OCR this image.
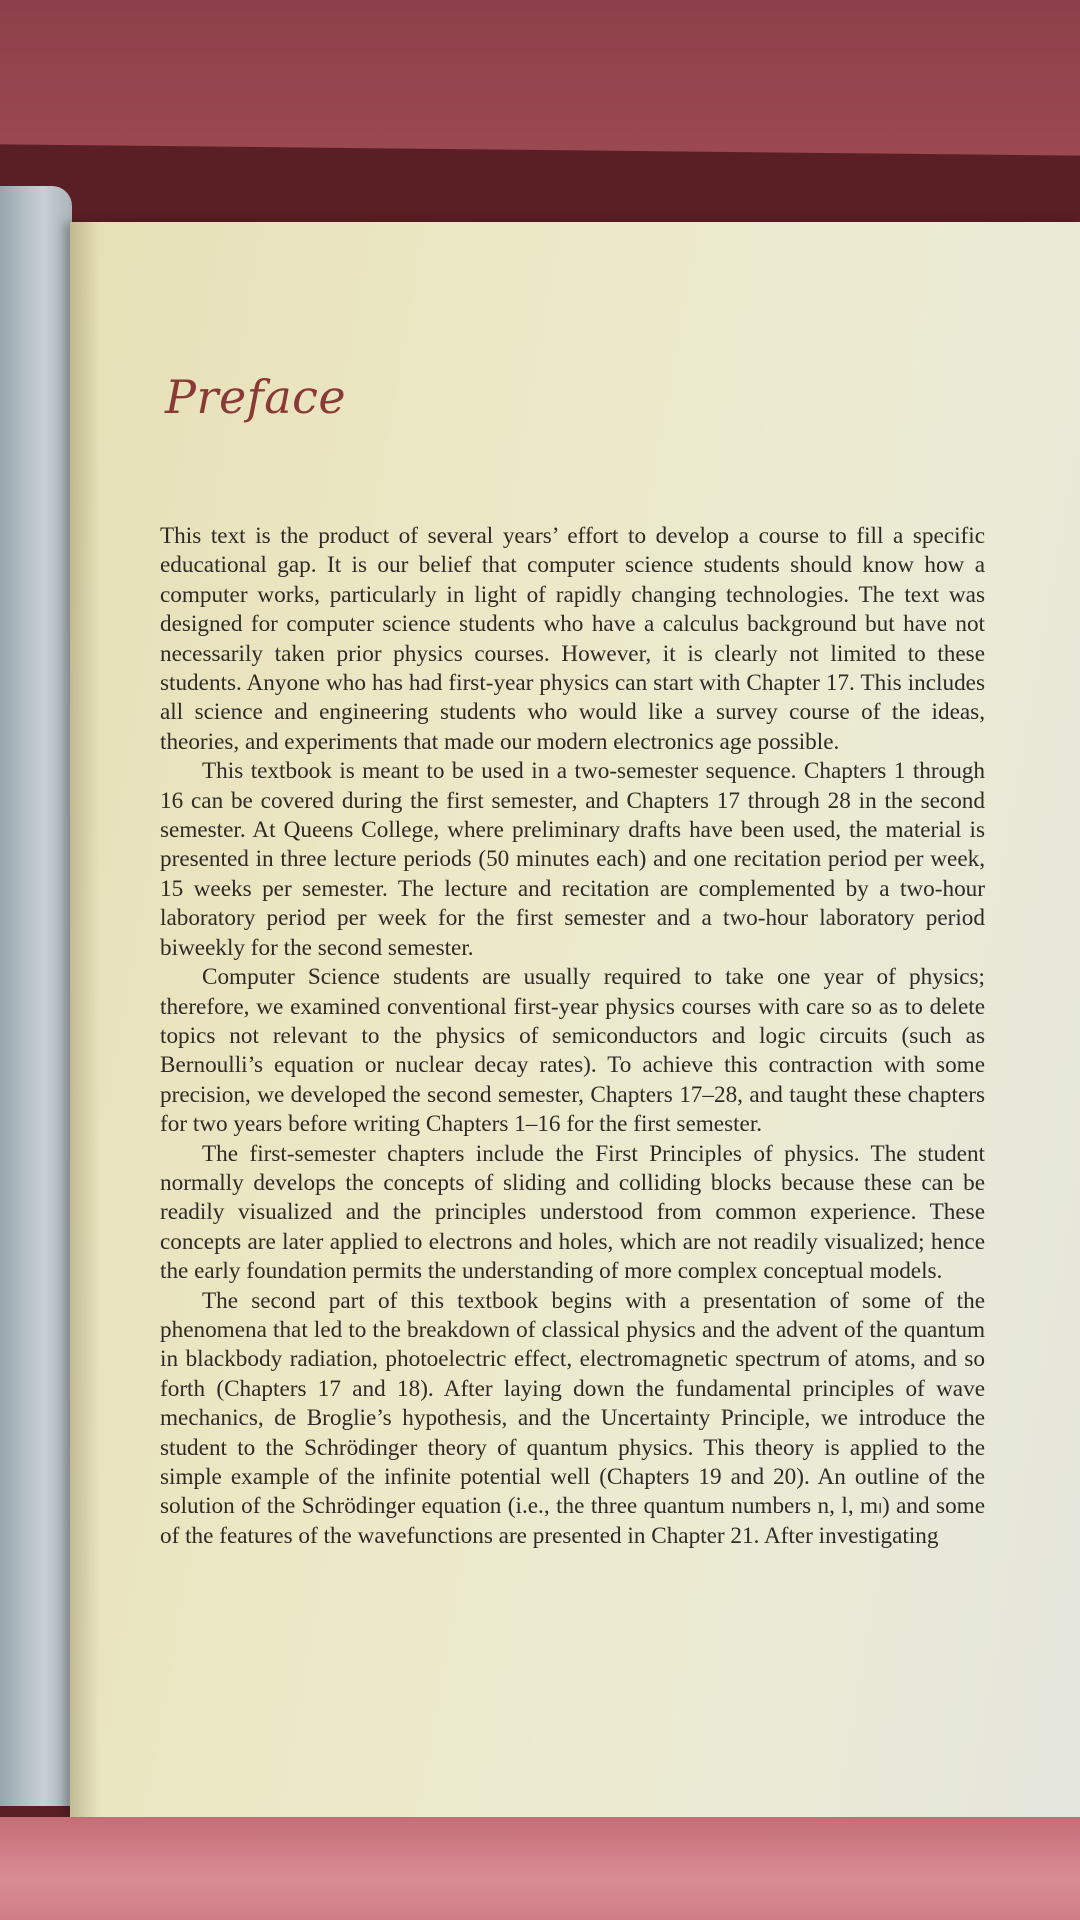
Preface

This text is the product of several years’ effort to develop a course to fill a specific educational gap. It is our belief that computer science students should know how a computer works, particularly in light of rapidly changing technologies. The text was designed for computer science students who have a calculus background but have not necessarily taken prior physics courses. However, it is clearly not limited to these students. Anyone who has had first-year physics can start with Chapter 17. This includes all science and engineering students who would like a survey course of the ideas, theories, and experiments that made our modern electronics age possible.

This textbook is meant to be used in a two-semester sequence. Chapters 1 through 16 can be covered during the first semester, and Chapters 17 through 28 in the second semester. At Queens College, where preliminary drafts have been used, the material is presented in three lecture periods (50 minutes each) and one recitation period per week, 15 weeks per semester. The lecture and recitation are complemented by a two-hour laboratory period per week for the first semester and a two-hour laboratory period biweekly for the second semester.

Computer Science students are usually required to take one year of physics; therefore, we examined conventional first-year physics courses with care so as to delete topics not relevant to the physics of semiconductors and logic circuits (such as Bernoulli’s equation or nuclear decay rates). To achieve this contraction with some precision, we developed the second semester, Chapters 17–28, and taught these chapters for two years before writing Chapters 1–16 for the first semester.

The first-semester chapters include the First Principles of physics. The student normally develops the concepts of sliding and colliding blocks because these can be readily visualized and the principles understood from common experience. These concepts are later applied to electrons and holes, which are not readily visualized; hence the early foundation permits the understanding of more complex conceptual models.

The second part of this textbook begins with a presentation of some of the phenomena that led to the breakdown of classical physics and the advent of the quantum in blackbody radiation, photoelectric effect, electromagnetic spectrum of atoms, and so forth (Chapters 17 and 18). After laying down the fundamental principles of wave mechanics, de Broglie’s hypothesis, and the Uncertainty Principle, we introduce the student to the Schrödinger theory of quantum physics. This theory is applied to the simple example of the infinite potential well (Chapters 19 and 20). An outline of the solution of the Schrödinger equation (i.e., the three quantum numbers n, l, mₗ) and some of the features of the wavefunctions are presented in Chapter 21. After investigating
